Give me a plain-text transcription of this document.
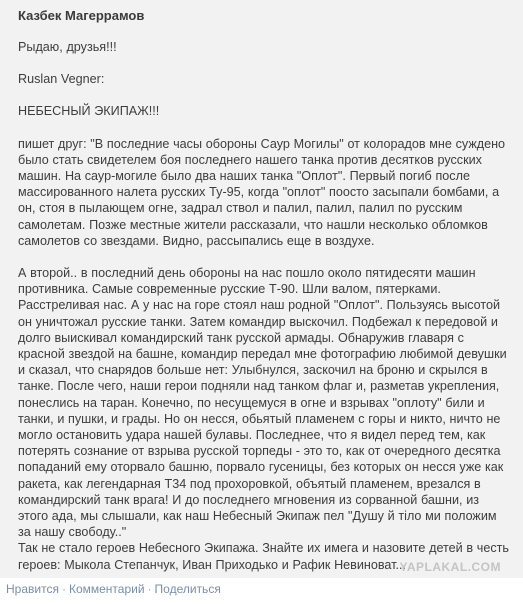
Казбек Магеррамов
Рыдаю, друзья!!!
Ruslan Vegner:
НЕБЕСНЫЙ ЭКИПАЖ!!!
пишет друг: "В последние часы обороны Саур Могилы" от колорадов мне суждено было стать свидетелем боя последнего нашего танка против десятков русских машин. На саур-могиле было два наших танка "Оплот". Первый погиб после массированного налета русских Ту-95, когда "оплот" поосто засыпали бомбами, а он, стоя в пылающем огне, задрал ствол и палил, палил, палил по русским самолетам. Позже местные жители рассказали, что нашли несколько обломков самолетов со звездами. Видно, рассыпались еще в воздухе.
А второй.. в последний день обороны на нас пошло около пятидесяти машин противника. Самые современные русские Т-90. Шли валом, пятерками. Расстреливая нас. А у нас на горе стоял наш родной "Оплот". Пользуясь высотой он уничтожал русские танки. Затем командир выскочил. Подбежал к передовой и долго выискивал командирский танк русской армады. Обнаружив главаря с красной звездой на башне, командир передал мне фотографию любимой девушки и сказал, что снарядов больше нет: Улыбнулся, заскочил на броню и скрылся в танке. После чего, наши герои подняли над танком флаг и, разметав укрепления, понеслись на таран. Конечно, по несущемуся в огне и взрывах "оплоту" били и танки, и пушки, и грады. Но он несся, обьятый пламенем с горы и никто, ничто не могло остановить удара нашей булавы. Последнее, что я видел перед тем, как потерять сознание от взрыва русской торпеды - это то, как от очередного десятка попаданий ему оторвало башню, порвало гусеницы, без которых он несся уже как ракета, как легендарная Т34 под прохоровкой, объятый пламенем, врезался в командирский танк врага! И до последнего мгновения из сорванной башни, из этого ада, мы слышали, как наш Небесный Экипаж пел "Душу й тіло ми положим за нашу свободу.."
Так не стало героев Небесного Экипажа. Знайте их имега и назовите детей в честь героев: Мыкола Степанчук, Иван Приходько и Рафик Невиноват...
YAPLAKAL.COM
Нравится · Комментарий · Поделиться
